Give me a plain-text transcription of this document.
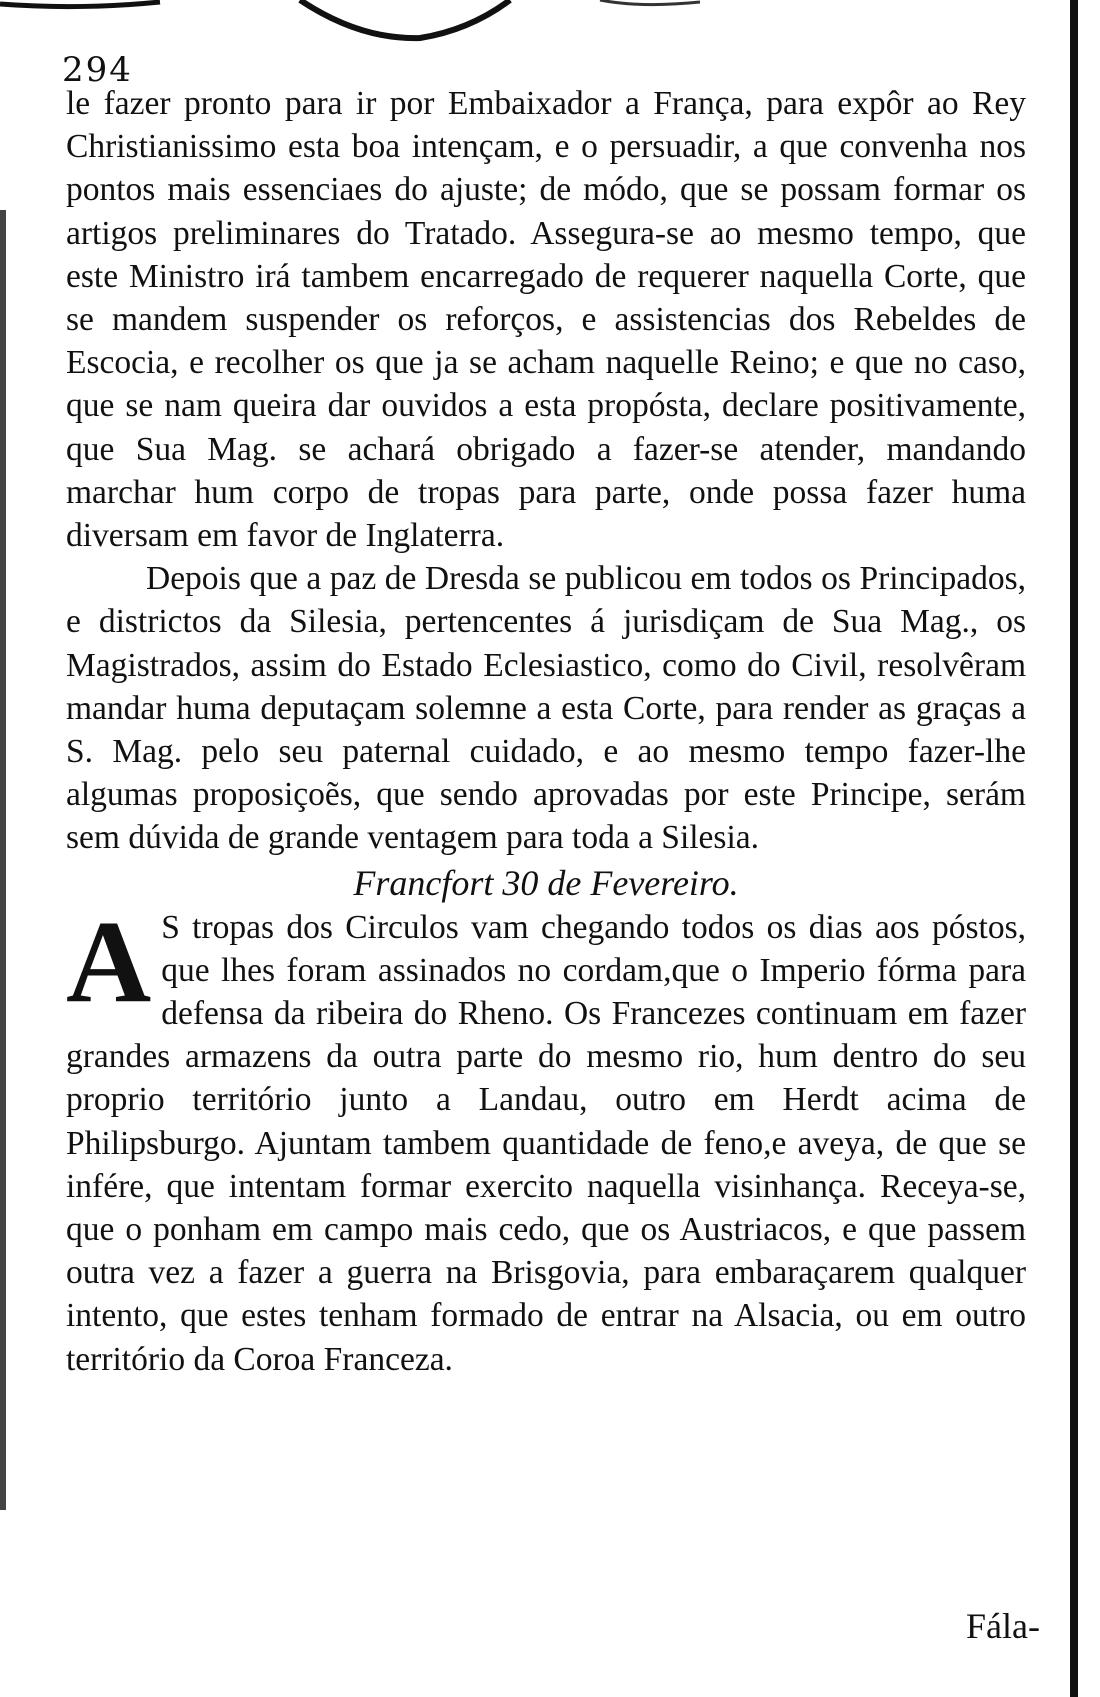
294

le fazer pronto para ir por Embaixador a França, para expôr ao Rey Christianissimo esta boa intençam, e o persuadir, a que convenha nos pontos mais essenciaes do ajuste; de módo, que se possam formar os artigos preliminares do Tratado. Assegura-se ao mesmo tempo, que este Ministro irá tambem encarregado de requerer naquella Corte, que se mandem suspender os reforços, e assistencias dos Rebeldes de Escocia, e recolher os que ja se acham naquelle Reino; e que no caso, que se nam queira dar ouvidos a esta propósta, declare positivamente, que Sua Mag. se achará obrigado a fazer-se atender, mandando marchar hum corpo de tropas para parte, onde possa fazer huma diversam em favor de Inglaterra.

Depois que a paz de Dresda se publicou em todos os Principados, e districtos da Silesia, pertencentes á jurisdiçam de Sua Mag., os Magistrados, assim do Estado Eclesiastico, como do Civil, resolvêram mandar huma deputaçam solemne a esta Corte, para render as graças a S. Mag. pelo seu paternal cuidado, e ao mesmo tempo fazer-lhe algumas proposiçoẽs, que sendo aprovadas por este Principe, serám sem dúvida de grande ventagem para toda a Silesia.

Francfort 30 de Fevereiro.

A S tropas dos Circulos vam chegando todos os dias aos póstos, que lhes foram assinados no cordam,que o Imperio fórma para defensa da ribeira do Rheno. Os Francezes continuam em fazer grandes armazens da outra parte do mesmo rio, hum dentro do seu proprio território junto a Landau, outro em Herdt acima de Philipsburgo. Ajuntam tambem quantidade de feno,e aveya, de que se infére, que intentam formar exercito naquella visinhança. Receya-se, que o ponham em campo mais cedo, que os Austriacos, e que passem outra vez a fazer a guerra na Brisgovia, para embaraçarem qualquer intento, que estes tenham formado de entrar na Alsacia, ou em outro território da Coroa Franceza.

Fála-
